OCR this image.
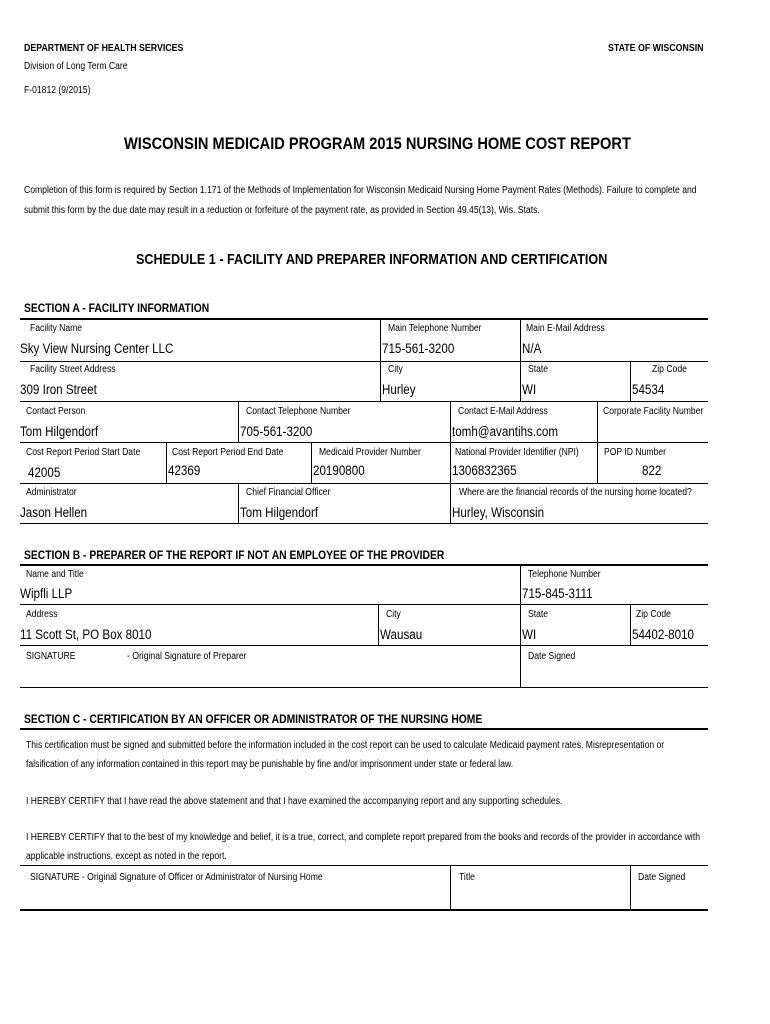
DEPARTMENT OF HEALTH SERVICES
Division of Long Term Care
F-01812 (9/2015)
STATE OF WISCONSIN
WISCONSIN MEDICAID PROGRAM 2015 NURSING HOME COST REPORT
Completion of this form is required by Section 1.171 of the Methods of Implementation for Wisconsin Medicaid Nursing Home Payment Rates (Methods). Failure to complete and
submit this form by the due date may result in a reduction or forfeiture of the payment rate, as provided in Section 49.45(13), Wis. Stats.
SCHEDULE 1 - FACILITY AND PREPARER INFORMATION AND CERTIFICATION
SECTION A - FACILITY INFORMATION
Facility Name	Main Telephone Number	Main E-Mail Address
Sky View Nursing Center LLC	715-561-3200	N/A
Facility Street Address	City	State	Zip Code
309 Iron Street	Hurley	WI	54534
Contact Person	Contact Telephone Number	Contact E-Mail Address	Corporate Facility Number
Tom Hilgendorf	705-561-3200	tomh@avantihs.com
Cost Report Period Start Date	Cost Report Period End Date	Medicaid Provider Number	National Provider Identifier (NPI)	POP ID Number
42005	42369	20190800	1306832365	822
Administrator	Chief Financial Officer	Where are the financial records of the nursing home located?
Jason Hellen	Tom Hilgendorf	Hurley, Wisconsin
SECTION B - PREPARER OF THE REPORT IF NOT AN EMPLOYEE OF THE PROVIDER
Name and Title	Telephone Number
Wipfli LLP	715-845-3111
Address	City	State	Zip Code
11 Scott St, PO Box 8010	Wausau	WI	54402-8010
SIGNATURE	- Original Signature of Preparer	Date Signed
SECTION C - CERTIFICATION BY AN OFFICER OR ADMINISTRATOR OF THE NURSING HOME
This certification must be signed and submitted before the information included in the cost report can be used to calculate Medicaid payment rates. Misrepresentation or
falsification of any information contained in this report may be punishable by fine and/or imprisonment under state or federal law.
I HEREBY CERTIFY that I have read the above statement and that I have examined the accompanying report and any supporting schedules.
I HEREBY CERTIFY that to the best of my knowledge and belief, it is a true, correct, and complete report prepared from the books and records of the provider in accordance with
applicable instructions, except as noted in the report.
SIGNATURE - Original Signature of Officer or Administrator of Nursing Home	Title	Date Signed
